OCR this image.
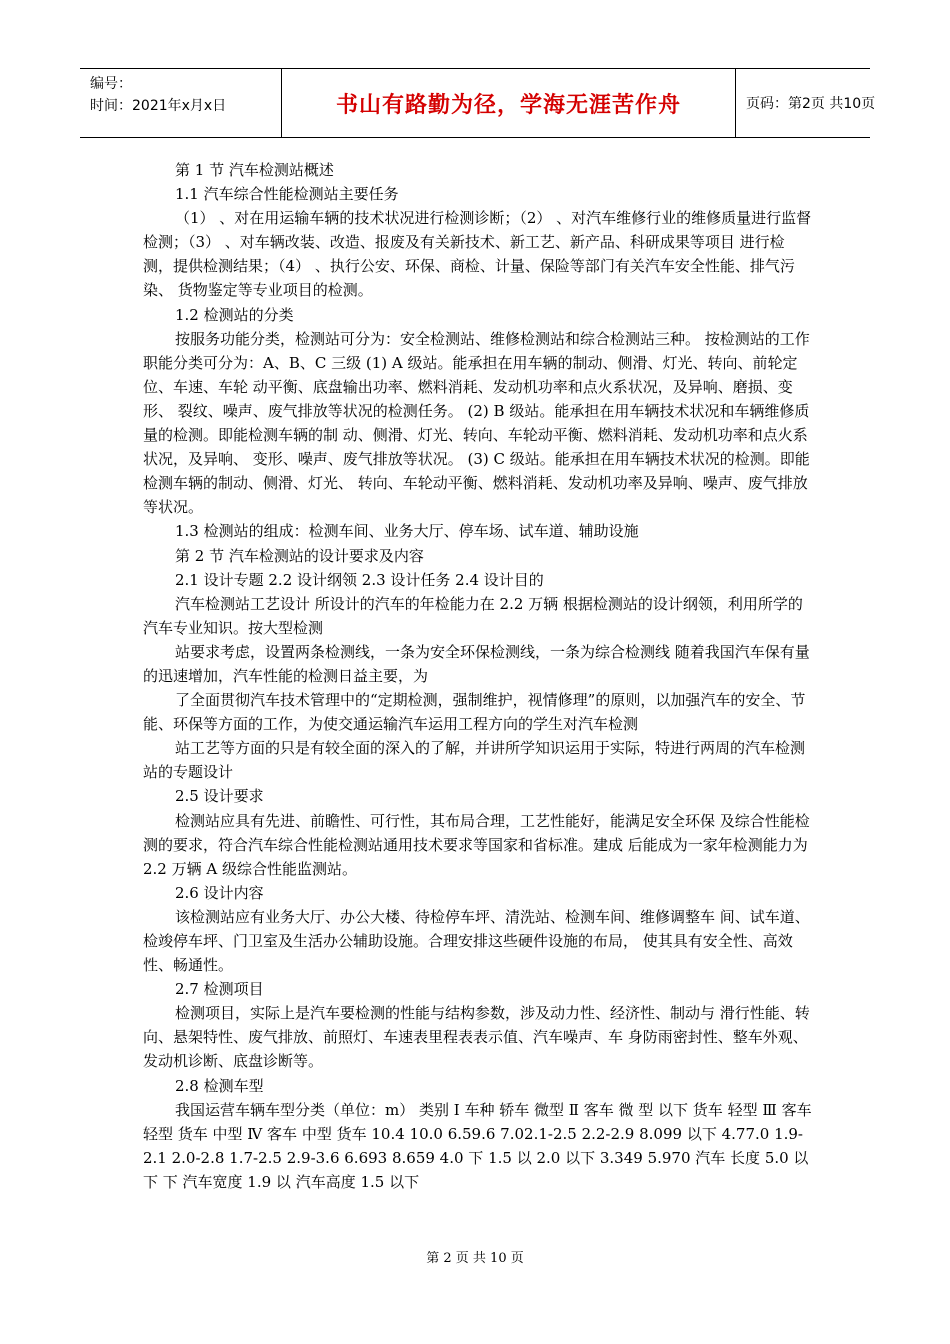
编号：
时间：2021年x月x日	书山有路勤为径，学海无涯苦作舟	页码：第2页 共10页

第 1 节 汽车检测站概述

1.1 汽车综合性能检测站主要任务

（1） 、对在用运输车辆的技术状况进行检测诊断；（2） 、对汽车维修行业的维修质量进行监督检测；（3） 、对车辆改装、改造、报废及有关新技术、新工艺、新产品、科研成果等项目 进行检测，提供检测结果；（4） 、执行公安、环保、商检、计量、保险等部门有关汽车安全性能、排气污染、 货物鉴定等专业项目的检测。

1.2 检测站的分类

按服务功能分类，检测站可分为：安全检测站、维修检测站和综合检测站三种。 按检测站的工作职能分类可分为：A、B、C 三级 (1) A 级站。能承担在用车辆的制动、侧滑、灯光、转向、前轮定位、车速、车轮 动平衡、底盘输出功率、燃料消耗、发动机功率和点火系状况，及异响、磨损、变形、 裂纹、噪声、废气排放等状况的检测任务。 (2) B 级站。能承担在用车辆技术状况和车辆维修质量的检测。即能检测车辆的制 动、侧滑、灯光、转向、车轮动平衡、燃料消耗、发动机功率和点火系状况，及异响、 变形、噪声、废气排放等状况。 (3) C 级站。能承担在用车辆技术状况的检测。即能检测车辆的制动、侧滑、灯光、 转向、车轮动平衡、燃料消耗、发动机功率及异响、噪声、废气排放等状况。

1.3 检测站的组成：检测车间、业务大厅、停车场、试车道、辅助设施

第 2 节 汽车检测站的设计要求及内容

2.1 设计专题 2.2 设计纲领 2.3 设计任务 2.4 设计目的

汽车检测站工艺设计 所设计的汽车的年检能力在 2.2 万辆 根据检测站的设计纲领，利用所学的汽车专业知识。按大型检测

站要求考虑，设置两条检测线，一条为安全环保检测线，一条为综合检测线 随着我国汽车保有量的迅速增加，汽车性能的检测日益主要，为

了全面贯彻汽车技术管理中的“定期检测，强制维护，视情修理”的原则，以加强汽车的安全、节能、环保等方面的工作，为使交通运输汽车运用工程方向的学生对汽车检测

站工艺等方面的只是有较全面的深入的了解，并讲所学知识运用于实际，特进行两周的汽车检测站的专题设计

2.5 设计要求

检测站应具有先进、前瞻性、可行性，其布局合理，工艺性能好，能满足安全环保 及综合性能检测的要求，符合汽车综合性能检测站通用技术要求等国家和省标准。建成 后能成为一家年检测能力为 2.2 万辆 A 级综合性能监测站。

2.6 设计内容

该检测站应有业务大厅、办公大楼、待检停车坪、清洗站、检测车间、维修调整车 间、试车道、检竣停车坪、门卫室及生活办公辅助设施。合理安排这些硬件设施的布局， 使其具有安全性、高效性、畅通性。

2.7 检测项目

检测项目，实际上是汽车要检测的性能与结构参数，涉及动力性、经济性、制动与 滑行性能、转向、悬架特性、废气排放、前照灯、车速表里程表表示值、汽车噪声、车 身防雨密封性、整车外观、发动机诊断、底盘诊断等。

2.8 检测车型

我国运营车辆车型分类（单位：m） 类别 Ⅰ 车种 轿车 微型 Ⅱ 客车 微 型 以下 货车 轻型 Ⅲ 客车 轻型 货车 中型 Ⅳ 客车 中型 货车 10.4 10.0 6.59.6 7.02.1-2.5 2.2-2.9 8.099 以下 4.77.0 1.9-2.1 2.0-2.8 1.7-2.5 2.9-3.6 6.693 8.659 4.0 下 1.5 以 2.0 以下 3.349 5.970 汽车 长度 5.0 以下 下 汽车宽度 1.9 以 汽车高度 1.5 以下

第 2 页 共 10 页
